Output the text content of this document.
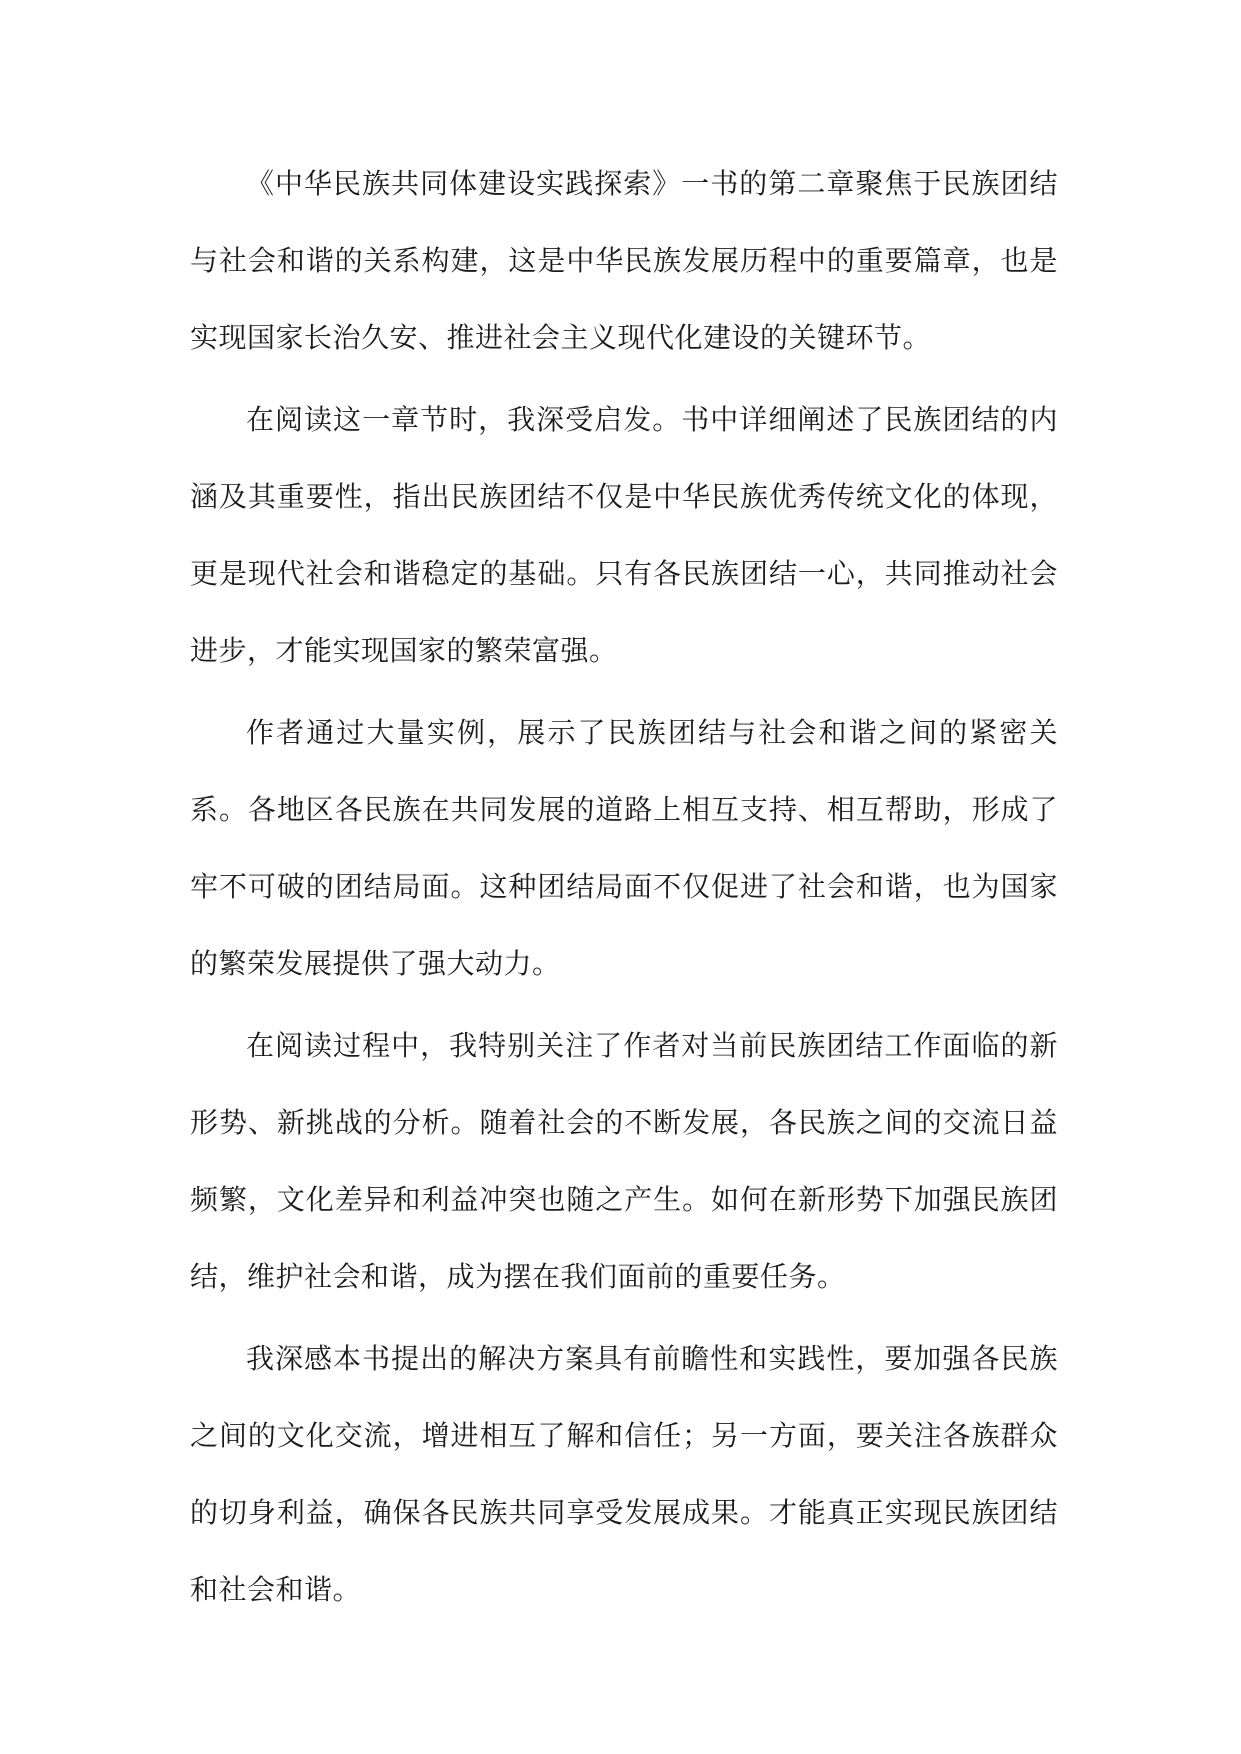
《中华民族共同体建设实践探索》一书的第二章聚焦于民族团结与社会和谐的关系构建，这是中华民族发展历程中的重要篇章，也是实现国家长治久安、推进社会主义现代化建设的关键环节。

在阅读这一章节时，我深受启发。书中详细阐述了民族团结的内涵及其重要性，指出民族团结不仅是中华民族优秀传统文化的体现，更是现代社会和谐稳定的基础。只有各民族团结一心，共同推动社会进步，才能实现国家的繁荣富强。

作者通过大量实例，展示了民族团结与社会和谐之间的紧密关系。各地区各民族在共同发展的道路上相互支持、相互帮助，形成了牢不可破的团结局面。这种团结局面不仅促进了社会和谐，也为国家的繁荣发展提供了强大动力。

在阅读过程中，我特别关注了作者对当前民族团结工作面临的新形势、新挑战的分析。随着社会的不断发展，各民族之间的交流日益频繁，文化差异和利益冲突也随之产生。如何在新形势下加强民族团结，维护社会和谐，成为摆在我们面前的重要任务。

我深感本书提出的解决方案具有前瞻性和实践性，要加强各民族之间的文化交流，增进相互了解和信任；另一方面，要关注各族群众的切身利益，确保各民族共同享受发展成果。才能真正实现民族团结和社会和谐。
